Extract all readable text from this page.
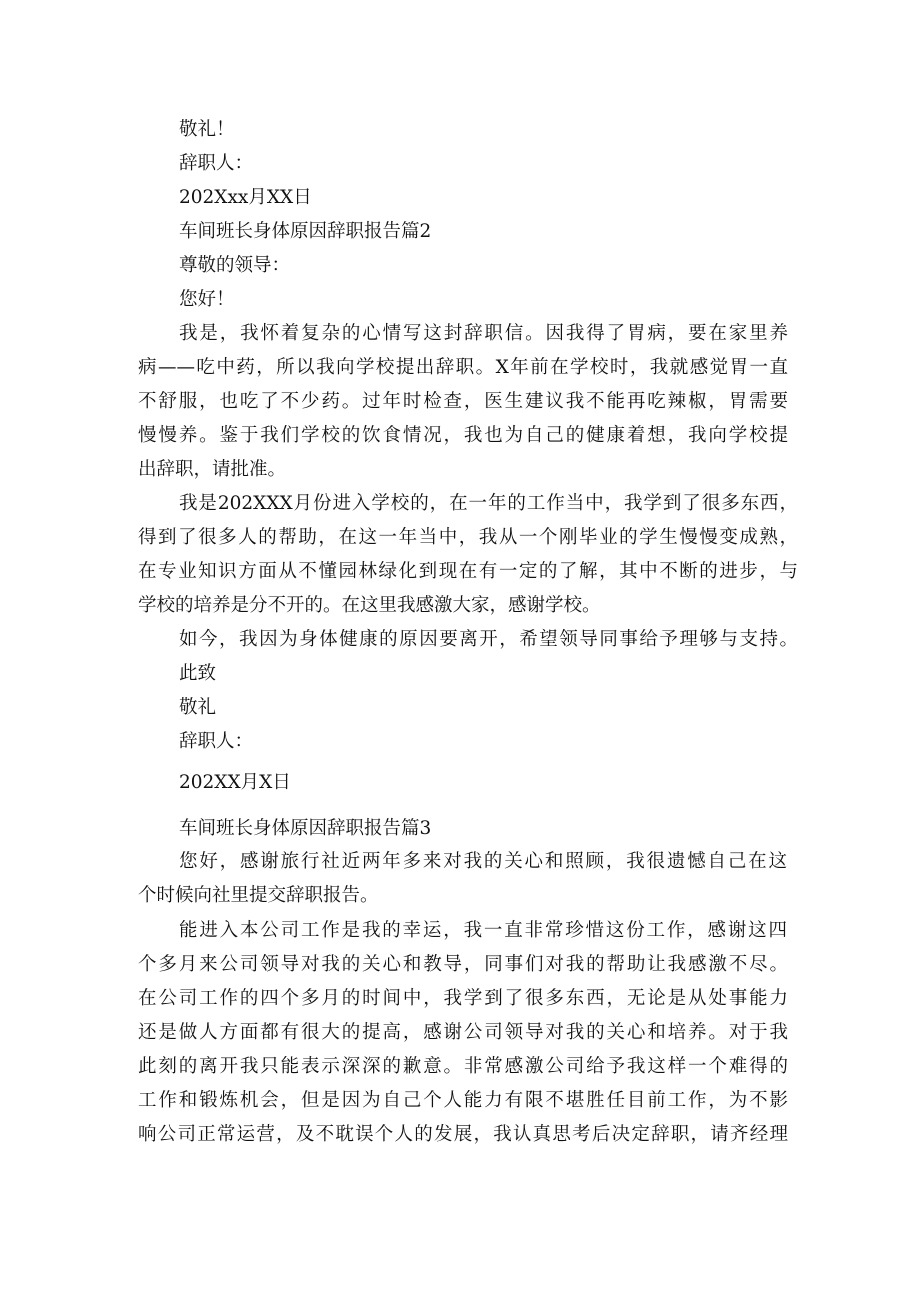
敬礼！
辞职人：
202Xxx月XX日
车间班长身体原因辞职报告篇2
尊敬的领导：
您好！
我是，我怀着复杂的心情写这封辞职信。因我得了胃病，要在家里养
病——吃中药，所以我向学校提出辞职。X年前在学校时，我就感觉胃一直
不舒服，也吃了不少药。过年时检查，医生建议我不能再吃辣椒，胃需要
慢慢养。鉴于我们学校的饮食情况，我也为自己的健康着想，我向学校提
出辞职，请批准。
我是202XXX月份进入学校的，在一年的工作当中，我学到了很多东西，
得到了很多人的帮助，在这一年当中，我从一个刚毕业的学生慢慢变成熟，
在专业知识方面从不懂园林绿化到现在有一定的了解，其中不断的进步，与
学校的培养是分不开的。在这里我感激大家，感谢学校。
如今，我因为身体健康的原因要离开，希望领导同事给予理够与支持。
此致
敬礼
辞职人：
202XX月X日
车间班长身体原因辞职报告篇3
您好，感谢旅行社近两年多来对我的关心和照顾，我很遗憾自己在这
个时候向社里提交辞职报告。
能进入本公司工作是我的幸运，我一直非常珍惜这份工作，感谢这四
个多月来公司领导对我的关心和教导，同事们对我的帮助让我感激不尽。
在公司工作的四个多月的时间中，我学到了很多东西，无论是从处事能力
还是做人方面都有很大的提高，感谢公司领导对我的关心和培养。对于我
此刻的离开我只能表示深深的歉意。非常感激公司给予我这样一个难得的
工作和锻炼机会，但是因为自己个人能力有限不堪胜任目前工作，为不影
响公司正常运营，及不耽误个人的发展，我认真思考后决定辞职，请齐经理
